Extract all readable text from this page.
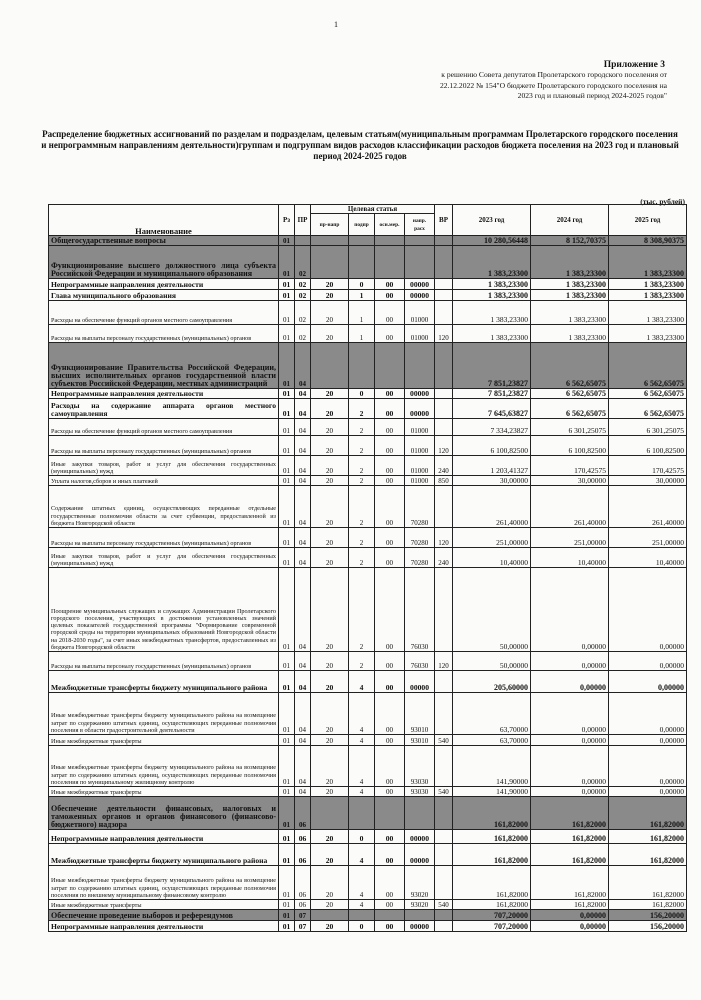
1
Приложение 3
к решению Совета депутатов Пролетарского городского поселения от 22.12.2022 № 154"О бюджете Пролетарского городского поселения на 2023 год и плановый период 2024-2025 годов"
Распределение бюджетных ассигнований по разделам и подразделам, целевым статьям(муниципальным программам Пролетарского городского поселения и непрограммным направлениям деятельности)группам и подгруппам видов расходов классификации расходов бюджета поселения на 2023 год и плановый период 2024-2025 годов
(тыс. рублей)
Наименование	Рз	ПР	Целевая статья				ВР	2023 год	2024 год	2025 год
			пр-напр	подпр	осн.мер.	напр. расх				
Общегосударственные вопросы	01							10 280,56448	8 152,70375	8 308,90375
Функционирование высшего должностного лица субъекта Российской Федерации и муниципального образования	01	02						1 383,23300	1 383,23300	1 383,23300
Непрограммные направления деятельности	01	02	20	0	00	00000		1 383,23300	1 383,23300	1 383,23300
Глава муниципального образования	01	02	20	1	00	00000		1 383,23300	1 383,23300	1 383,23300
Расходы на обеспечение функций органов местного самоуправления	01	02	20	1	00	01000		1 383,23300	1 383,23300	1 383,23300
Расходы на выплаты персоналу государственных (муниципальных) органов	01	02	20	1	00	01000	120	1 383,23300	1 383,23300	1 383,23300
Функционирование Правительства Российской Федерации, высших исполнительных органов государственной власти субъектов Российской Федерации, местных администраций	01	04						7 851,23827	6 562,65075	6 562,65075
Непрограммные направления деятельности	01	04	20	0	00	00000		7 851,23827	6 562,65075	6 562,65075
Расходы на содержание аппарата органов местного самоуправления	01	04	20	2	00	00000		7 645,63827	6 562,65075	6 562,65075
Расходы на обеспечение функций органов местного самоуправления	01	04	20	2	00	01000		7 334,23827	6 301,25075	6 301,25075
Расходы на выплаты персоналу государственных (муниципальных) органов	01	04	20	2	00	01000	120	6 100,82500	6 100,82500	6 100,82500
Иные закупки товаров, работ и услуг для обеспечения государственных (муниципальных) нужд	01	04	20	2	00	01000	240	1 203,41327	170,42575	170,42575
Уплата налогов,сборов и иных платежей	01	04	20	2	00	01000	850	30,00000	30,00000	30,00000
Содержание штатных единиц, осуществляющих переданные отдельные государственные полномочия области за счет субвенции, предоставленной из бюджета Новгородской области	01	04	20	2	00	70280		261,40000	261,40000	261,40000
Расходы на выплаты персоналу государственных (муниципальных) органов	01	04	20	2	00	70280	120	251,00000	251,00000	251,00000
Иные закупки товаров, работ и услуг для обеспечения государственных (муниципальных) нужд	01	04	20	2	00	70280	240	10,40000	10,40000	10,40000
Поощрение муниципальных служащих и служащих Администрации Пролетарского городского поселения, участвующих в достижении установленных значений целевых показателей государственной программы "Формирование современной городской среды на территории муниципальных образований Новгородской области на 2018-2030 годы", за счет иных межбюджетных трансфертов, предоставленных из бюджета Новгородской области	01	04	20	2	00	76030		50,00000	0,00000	0,00000
Расходы на выплаты персоналу государственных (муниципальных) органов	01	04	20	2	00	76030	120	50,00000	0,00000	0,00000
Межбюджетные трансферты бюджету муниципального района	01	04	20	4	00	00000		205,60000	0,00000	0,00000
Иные межбюджетные трансферты бюджету муниципального района на возмещение затрат по содержанию штатных единиц, осуществляющих переданные полномочия поселения в области градостроительной деятельности	01	04	20	4	00	93010		63,70000	0,00000	0,00000
Иные межбюджетные трансферты	01	04	20	4	00	93010	540	63,70000	0,00000	0,00000
Иные межбюджетные трансферты бюджету муниципального района на возмещение затрат по содержанию штатных единиц, осуществляющих переданные полномочия поселения по муниципальному жилищному контролю	01	04	20	4	00	93030		141,90000	0,00000	0,00000
Иные межбюджетные трансферты	01	04	20	4	00	93030	540	141,90000	0,00000	0,00000
Обеспечение деятельности финансовых, налоговых и таможенных органов и органов финансового (финансово-бюджетного) надзора	01	06						161,82000	161,82000	161,82000
Непрограммные направления деятельности	01	06	20	0	00	00000		161,82000	161,82000	161,82000
Межбюджетные трансферты бюджету муниципального района	01	06	20	4	00	00000		161,82000	161,82000	161,82000
Иные межбюджетные трансферты бюджету муниципального района на возмещение затрат по содержанию штатных единиц, осуществляющих переданные полномочия поселения по внешнему муниципальному финансовому контролю	01	06	20	4	00	93020		161,82000	161,82000	161,82000
Иные межбюджетные трансферты	01	06	20	4	00	93020	540	161,82000	161,82000	161,82000
Обеспечение проведение выборов и референдумов	01	07						707,20000	0,00000	156,20000
Непрограммные направления деятельности	01	07	20	0	00	00000		707,20000	0,00000	156,20000
